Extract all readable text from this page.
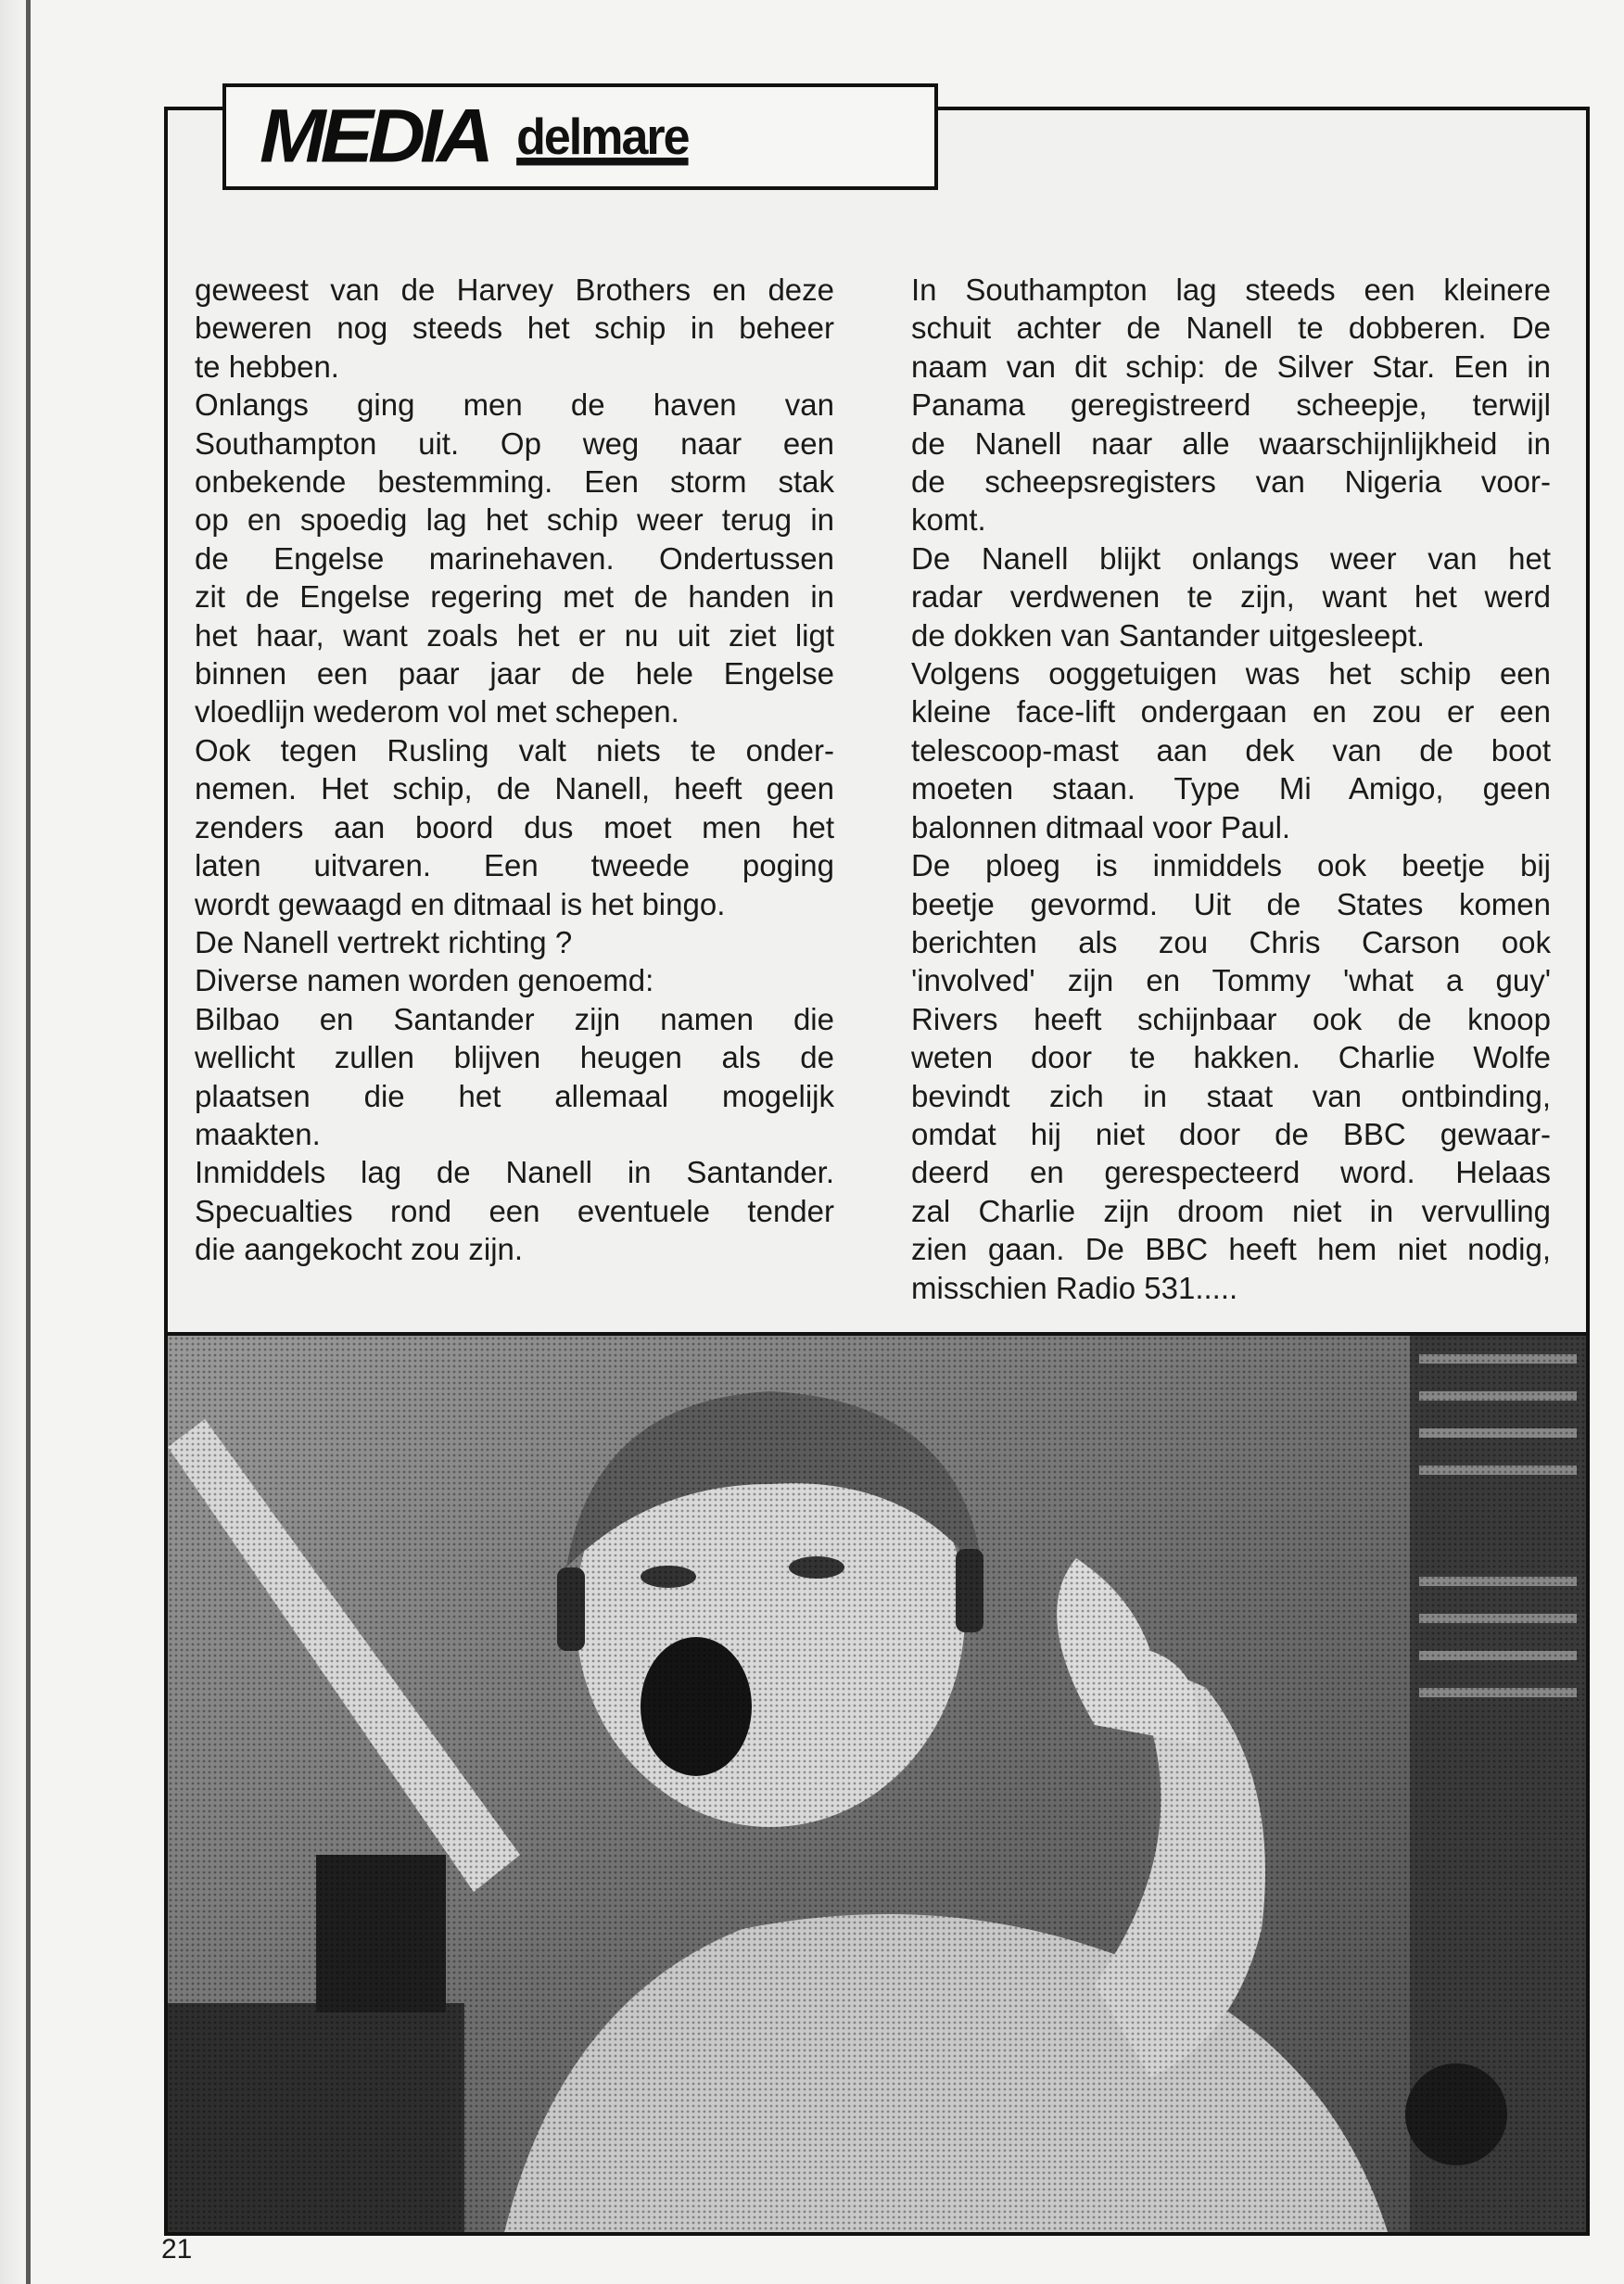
MEDIA delmare
geweest van de Harvey Brothers en deze
beweren nog steeds het schip in beheer
te hebben.
Onlangs ging men de haven van
Southampton uit. Op weg naar een
onbekende bestemming. Een storm stak
op en spoedig lag het schip weer terug in
de Engelse marinehaven. Ondertussen
zit de Engelse regering met de handen in
het haar, want zoals het er nu uit ziet ligt
binnen een paar jaar de hele Engelse
vloedlijn wederom vol met schepen.
Ook tegen Rusling valt niets te onder-
nemen. Het schip, de Nanell, heeft geen
zenders aan boord dus moet men het
laten uitvaren. Een tweede poging
wordt gewaagd en ditmaal is het bingo.
De Nanell vertrekt richting ?
Diverse namen worden genoemd:
Bilbao en Santander zijn namen die
wellicht zullen blijven heugen als de
plaatsen die het allemaal mogelijk
maakten.
Inmiddels lag de Nanell in Santander.
Specualties rond een eventuele tender
die aangekocht zou zijn.
In Southampton lag steeds een kleinere
schuit achter de Nanell te dobberen. De
naam van dit schip: de Silver Star. Een in
Panama geregistreerd scheepje, terwijl
de Nanell naar alle waarschijnlijkheid in
de scheepsregisters van Nigeria voor-
komt.
De Nanell blijkt onlangs weer van het
radar verdwenen te zijn, want het werd
de dokken van Santander uitgesleept.
Volgens ooggetuigen was het schip een
kleine face-lift ondergaan en zou er een
telescoop-mast aan dek van de boot
moeten staan. Type Mi Amigo, geen
balonnen ditmaal voor Paul.
De ploeg is inmiddels ook beetje bij
beetje gevormd. Uit de States komen
berichten als zou Chris Carson ook
'involved' zijn en Tommy 'what a guy'
Rivers heeft schijnbaar ook de knoop
weten door te hakken. Charlie Wolfe
bevindt zich in staat van ontbinding,
omdat hij niet door de BBC gewaar-
deerd en gerespecteerd word. Helaas
zal Charlie zijn droom niet in vervulling
zien gaan. De BBC heeft hem niet nodig,
misschien Radio 531.....
21
